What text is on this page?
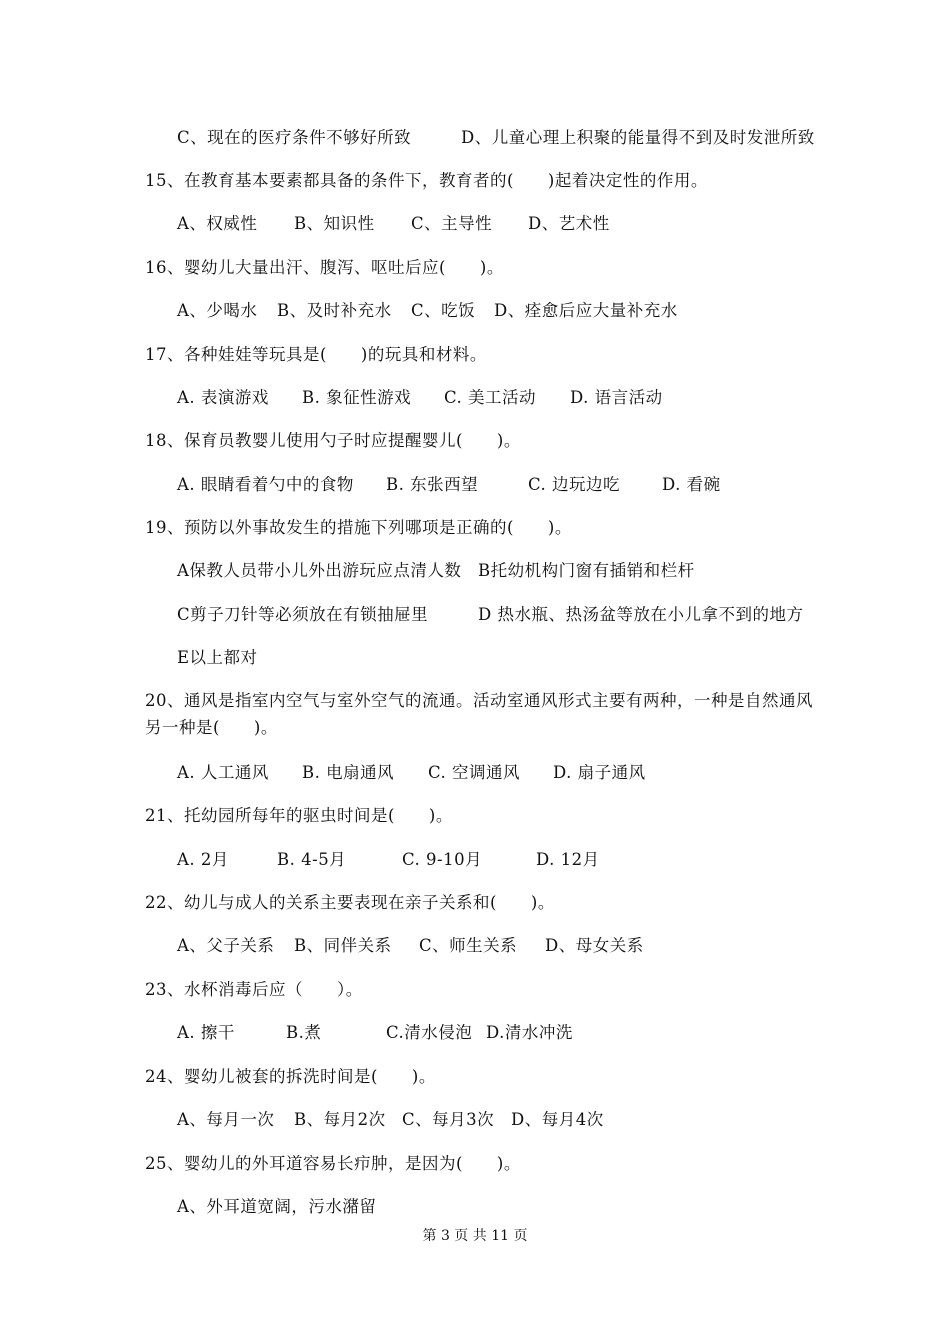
C、现在的医疗条件不够好所致	D、儿童心理上积聚的能量得不到及时发泄所致
15、在教育基本要素都具备的条件下，教育者的(　　)起着决定性的作用。
A、权威性 B、知识性 C、主导性 D、艺术性
16、婴幼儿大量出汗、腹泻、呕吐后应(　　)。
A、少喝水 B、及时补充水 C、吃饭 D、痊愈后应大量补充水
17、各种娃娃等玩具是(　　)的玩具和材料。
A. 表演游戏 B. 象征性游戏 C. 美工活动 D. 语言活动
18、保育员教婴儿使用勺子时应提醒婴儿(　　)。
A. 眼睛看着勺中的食物 B. 东张西望	C. 边玩边吃	D. 看碗
19、预防以外事故发生的措施下列哪项是正确的(　　)。
A保教人员带小儿外出游玩应点清人数 B托幼机构门窗有插销和栏杆
C剪子刀针等必须放在有锁抽屉里	D 热水瓶、热汤盆等放在小儿拿不到的地方
E以上都对
20、通风是指室内空气与室外空气的流通。活动室通风形式主要有两种，一种是自然通风
另一种是(　　)。
A. 人工通风 B. 电扇通风 C. 空调通风 D. 扇子通风
21、托幼园所每年的驱虫时间是(　　)。
A. 2月	B. 4-5月	C. 9-10月	D. 12月
22、幼儿与成人的关系主要表现在亲子关系和(　　)。
A、父子关系 B、同伴关系 C、师生关系 D、母女关系
23、水杯消毒后应（　　）。
A. 擦干	B.煮	C.清水侵泡 D.清水冲洗
24、婴幼儿被套的拆洗时间是(　　)。
A、每月一次 B、每月2次 C、每月3次 D、每月4次
25、婴幼儿的外耳道容易长疖肿，是因为(　　)。
A、外耳道宽阔，污水潴留
第 3 页 共 11 页
